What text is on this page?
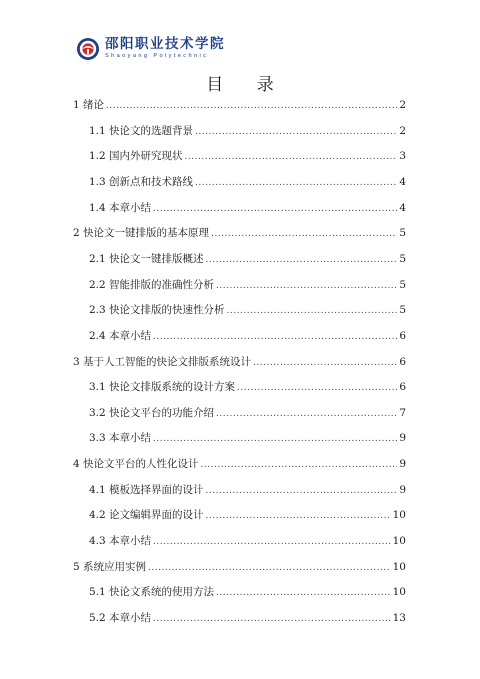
邵阳职业技术学院
Shaoyang Polytechnic
目 录
1 绪论 .....	2
1.1 快论文的选题背景 .....	2
1.2 国内外研究现状 .....	3
1.3 创新点和技术路线 .....	4
1.4 本章小结 .....	4
2 快论文一键排版的基本原理 .....	5
2.1 快论文一键排版概述 .....	5
2.2 智能排版的准确性分析 .....	5
2.3 快论文排版的快速性分析 .....	5
2.4 本章小结 .....	6
3 基于人工智能的快论文排版系统设计 .....	6
3.1 快论文排版系统的设计方案 .....	6
3.2 快论文平台的功能介绍 .....	7
3.3 本章小结 .....	9
4 快论文平台的人性化设计 .....	9
4.1 模板选择界面的设计 .....	9
4.2 论文编辑界面的设计 .....	10
4.3 本章小结 .....	10
5 系统应用实例 .....	10
5.1 快论文系统的使用方法 .....	10
5.2 本章小结 .....	13
